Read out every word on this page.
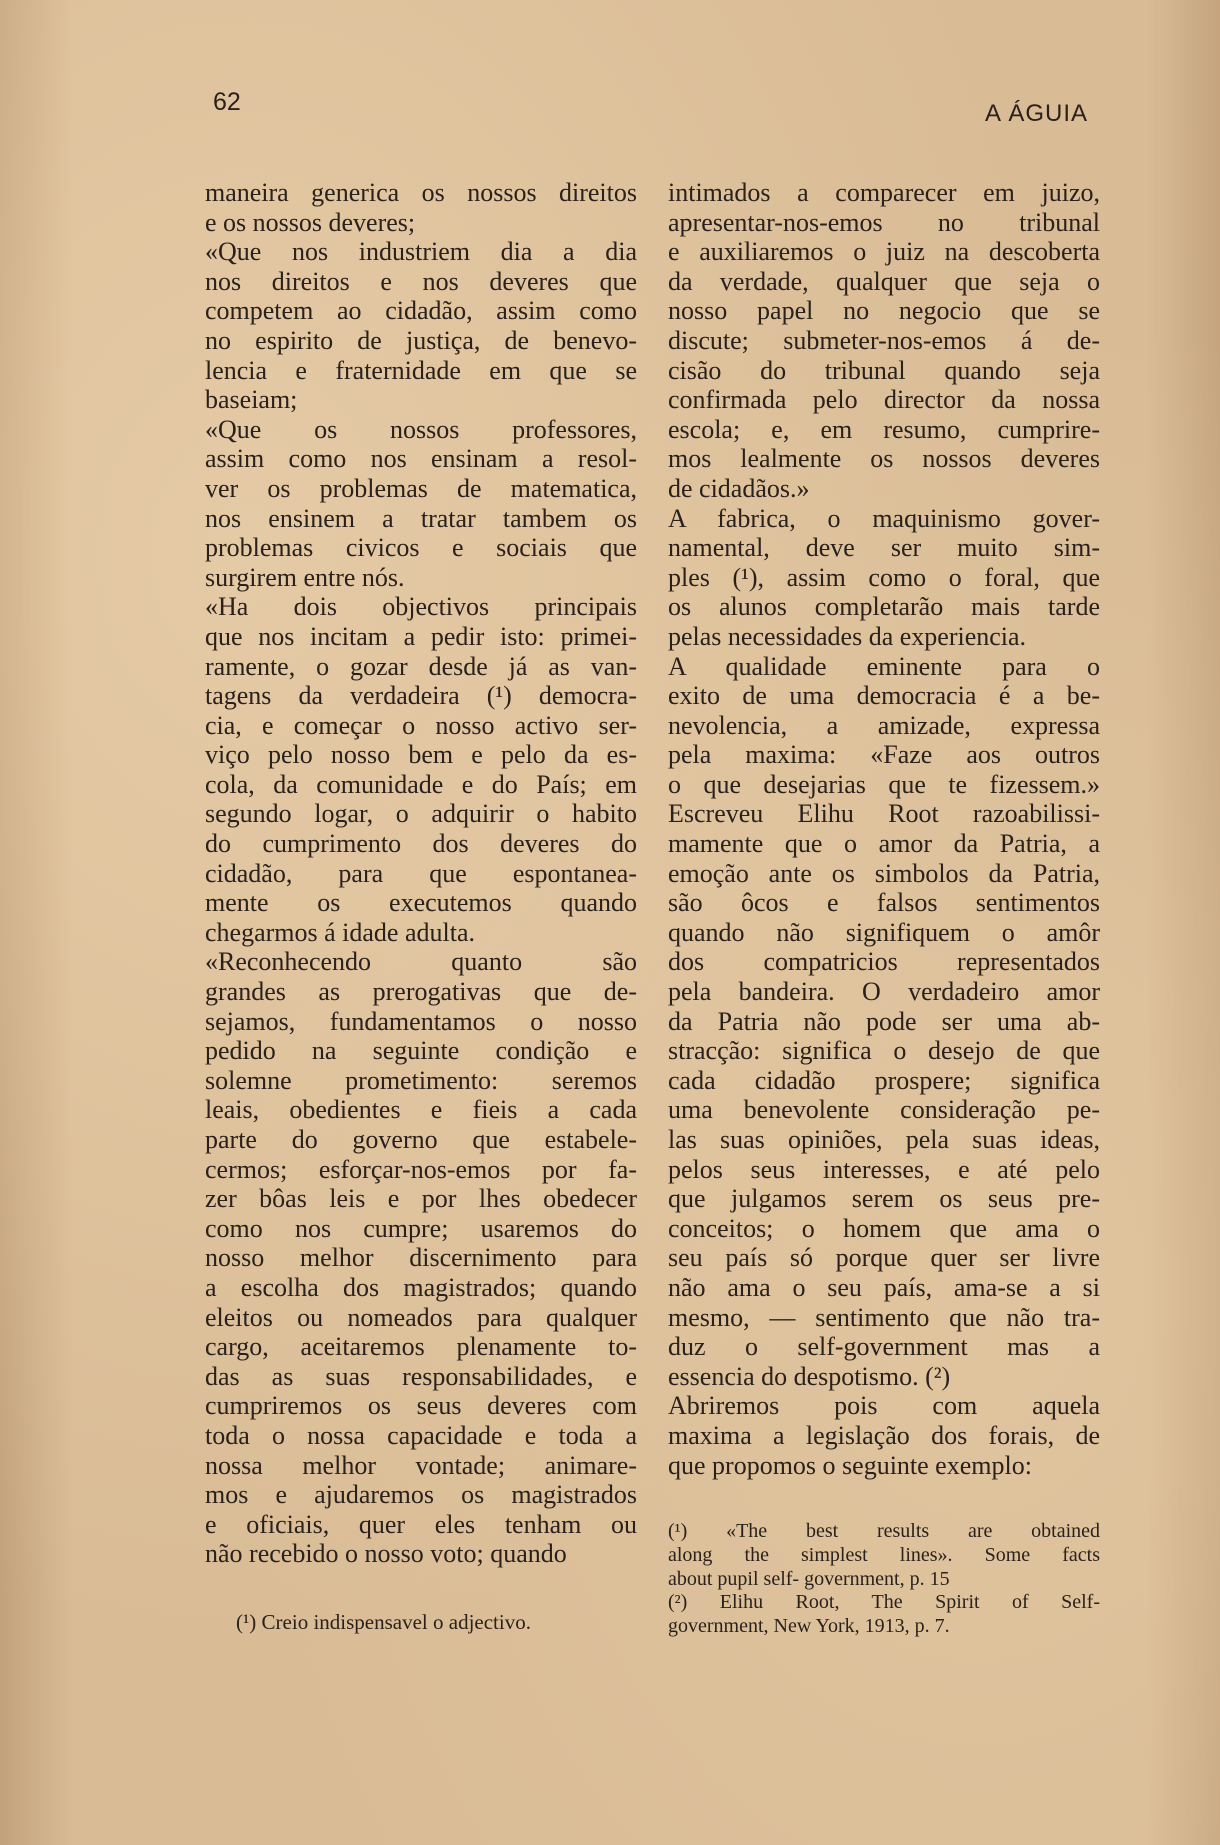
62	A ÁGUIA
maneira generica os nossos direitos
e os nossos deveres;
«Que nos industriem dia a dia
nos direitos e nos deveres que
competem ao cidadão, assim como
no espirito de justiça, de benevo-
lencia e fraternidade em que se
baseiam;
«Que os nossos professores,
assim como nos ensinam a resol-
ver os problemas de matematica,
nos ensinem a tratar tambem os
problemas civicos e sociais que
surgirem entre nós.
«Ha dois objectivos principais
que nos incitam a pedir isto: primei-
ramente, o gozar desde já as van-
tagens da verdadeira (¹) democra-
cia, e começar o nosso activo ser-
viço pelo nosso bem e pelo da es-
cola, da comunidade e do País; em
segundo logar, o adquirir o habito
do cumprimento dos deveres do
cidadão, para que espontanea-
mente os executemos quando
chegarmos á idade adulta.
«Reconhecendo quanto são
grandes as prerogativas que de-
sejamos, fundamentamos o nosso
pedido na seguinte condição e
solemne prometimento: seremos
leais, obedientes e fieis a cada
parte do governo que estabele-
cermos; esforçar-nos-emos por fa-
zer bôas leis e por lhes obedecer
como nos cumpre; usaremos do
nosso melhor discernimento para
a escolha dos magistrados; quando
eleitos ou nomeados para qualquer
cargo, aceitaremos plenamente to-
das as suas responsabilidades, e
cumpriremos os seus deveres com
toda o nossa capacidade e toda a
nossa melhor vontade; animare-
mos e ajudaremos os magistrados
e oficiais, quer eles tenham ou
não recebido o nosso voto; quando
intimados a comparecer em juizo,
apresentar-nos-emos no tribunal
e auxiliaremos o juiz na descoberta
da verdade, qualquer que seja o
nosso papel no negocio que se
discute; submeter-nos-emos á de-
cisão do tribunal quando seja
confirmada pelo director da nossa
escola; e, em resumo, cumprire-
mos lealmente os nossos deveres
de cidadãos.»
A fabrica, o maquinismo gover-
namental, deve ser muito sim-
ples (¹), assim como o foral, que
os alunos completarão mais tarde
pelas necessidades da experiencia.
A qualidade eminente para o
exito de uma democracia é a be-
nevolencia, a amizade, expressa
pela maxima: «Faze aos outros
o que desejarias que te fizessem.»
Escreveu Elihu Root razoabilissi-
mamente que o amor da Patria, a
emoção ante os simbolos da Patria,
são ôcos e falsos sentimentos
quando não signifiquem o amôr
dos compatricios representados
pela bandeira. O verdadeiro amor
da Patria não pode ser uma ab-
stracção: significa o desejo de que
cada cidadão prospere; significa
uma benevolente consideração pe-
las suas opiniões, pela suas ideas,
pelos seus interesses, e até pelo
que julgamos serem os seus pre-
conceitos; o homem que ama o
seu país só porque quer ser livre
não ama o seu país, ama-se a si
mesmo, — sentimento que não tra-
duz o self-government mas a
essencia do despotismo. (²)
Abriremos pois com aquela
maxima a legislação dos forais, de
que propomos o seguinte exemplo:
(¹) Creio indispensavel o adjectivo.
(¹) «The best results are obtained
along the simplest lines». Some facts
about pupil self- government, p. 15
(²) Elihu Root, The Spirit of Self-
government, New York, 1913, p. 7.
